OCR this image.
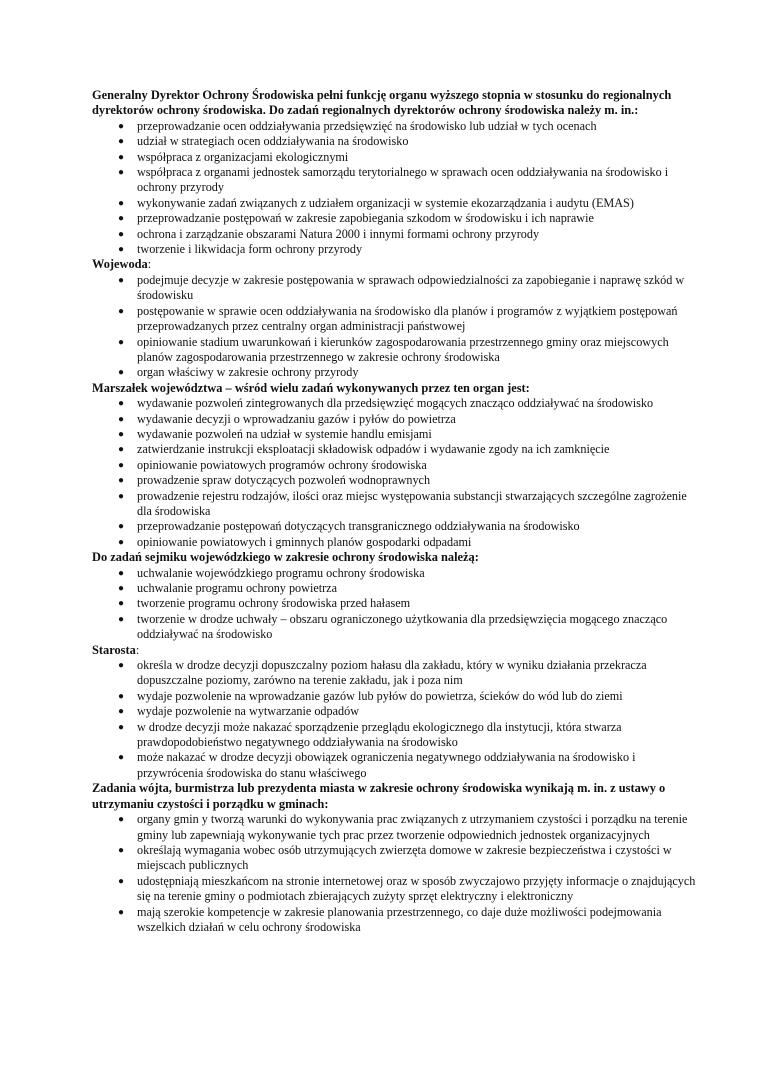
Generalny Dyrektor Ochrony Środowiska pełni funkcję organu wyższego stopnia w stosunku do regionalnych dyrektorów ochrony środowiska. Do zadań regionalnych dyrektorów ochrony środowiska należy m. in.:

● przeprowadzanie ocen oddziaływania przedsięwzięć na środowisko lub udział w tych ocenach
● udział w strategiach ocen oddziaływania na środowisko
● współpraca z organizacjami ekologicznymi
● współpraca z organami jednostek samorządu terytorialnego w sprawach ocen oddziaływania na środowisko i ochrony przyrody
● wykonywanie zadań związanych z udziałem organizacji w systemie ekozarządzania i audytu (EMAS)
● przeprowadzanie postępowań w zakresie zapobiegania szkodom w środowisku i ich naprawie
● ochrona i zarządzanie obszarami Natura 2000 i innymi formami ochrony przyrody
● tworzenie i likwidacja form ochrony przyrody

Wojewoda:

● podejmuje decyzje w zakresie postępowania w sprawach odpowiedzialności za zapobieganie i naprawę szkód w środowisku
● postępowanie w sprawie ocen oddziaływania na środowisko dla planów i programów z wyjątkiem postępowań przeprowadzanych przez centralny organ administracji państwowej
● opiniowanie stadium uwarunkowań i kierunków zagospodarowania przestrzennego gminy oraz miejscowych planów zagospodarowania przestrzennego w zakresie ochrony środowiska
● organ właściwy w zakresie ochrony przyrody

Marszałek województwa – wśród wielu zadań wykonywanych przez ten organ jest:

● wydawanie pozwoleń zintegrowanych dla przedsięwzięć mogących znacząco oddziaływać na środowisko
● wydawanie decyzji o wprowadzaniu gazów i pyłów do powietrza
● wydawanie pozwoleń na udział w systemie handlu emisjami
● zatwierdzanie instrukcji eksploatacji składowisk odpadów i wydawanie zgody na ich zamknięcie
● opiniowanie powiatowych programów ochrony środowiska
● prowadzenie spraw dotyczących pozwoleń wodnoprawnych
● prowadzenie rejestru rodzajów, ilości oraz miejsc występowania substancji stwarzających szczególne zagrożenie dla środowiska
● przeprowadzanie postępowań dotyczących transgranicznego oddziaływania na środowisko
● opiniowanie powiatowych i gminnych planów gospodarki odpadami

Do zadań sejmiku wojewódzkiego w zakresie ochrony środowiska należą:

● uchwalanie wojewódzkiego programu ochrony środowiska
● uchwalanie programu ochrony powietrza
● tworzenie programu ochrony środowiska przed hałasem
● tworzenie w drodze uchwały – obszaru ograniczonego użytkowania dla przedsięwzięcia mogącego znacząco oddziaływać na środowisko

Starosta:

● określa w drodze decyzji dopuszczalny poziom hałasu dla zakładu, który w wyniku działania przekracza dopuszczalne poziomy, zarówno na terenie zakładu, jak i poza nim
● wydaje pozwolenie na wprowadzanie gazów lub pyłów do powietrza, ścieków do wód lub do ziemi
● wydaje pozwolenie na wytwarzanie odpadów
● w drodze decyzji może nakazać sporządzenie przeglądu ekologicznego dla instytucji, która stwarza prawdopodobieństwo negatywnego oddziaływania na środowisko
● może nakazać w drodze decyzji obowiązek ograniczenia negatywnego oddziaływania na środowisko i przywrócenia środowiska do stanu właściwego

Zadania wójta, burmistrza lub prezydenta miasta w zakresie ochrony środowiska wynikają m. in. z ustawy o utrzymaniu czystości i porządku w gminach:

● organy gmin y tworzą warunki do wykonywania prac związanych z utrzymaniem czystości i porządku na terenie gminy lub zapewniają wykonywanie tych prac przez tworzenie odpowiednich jednostek organizacyjnych
● określają wymagania wobec osób utrzymujących zwierzęta domowe w zakresie bezpieczeństwa i czystości w miejscach publicznych
● udostępniają mieszkańcom na stronie internetowej oraz w sposób zwyczajowo przyjęty informacje o znajdujących się na terenie gminy o podmiotach zbierających zużyty sprzęt elektryczny i elektroniczny
● mają szerokie kompetencje w zakresie planowania przestrzennego, co daje duże możliwości podejmowania wszelkich działań w celu ochrony środowiska
